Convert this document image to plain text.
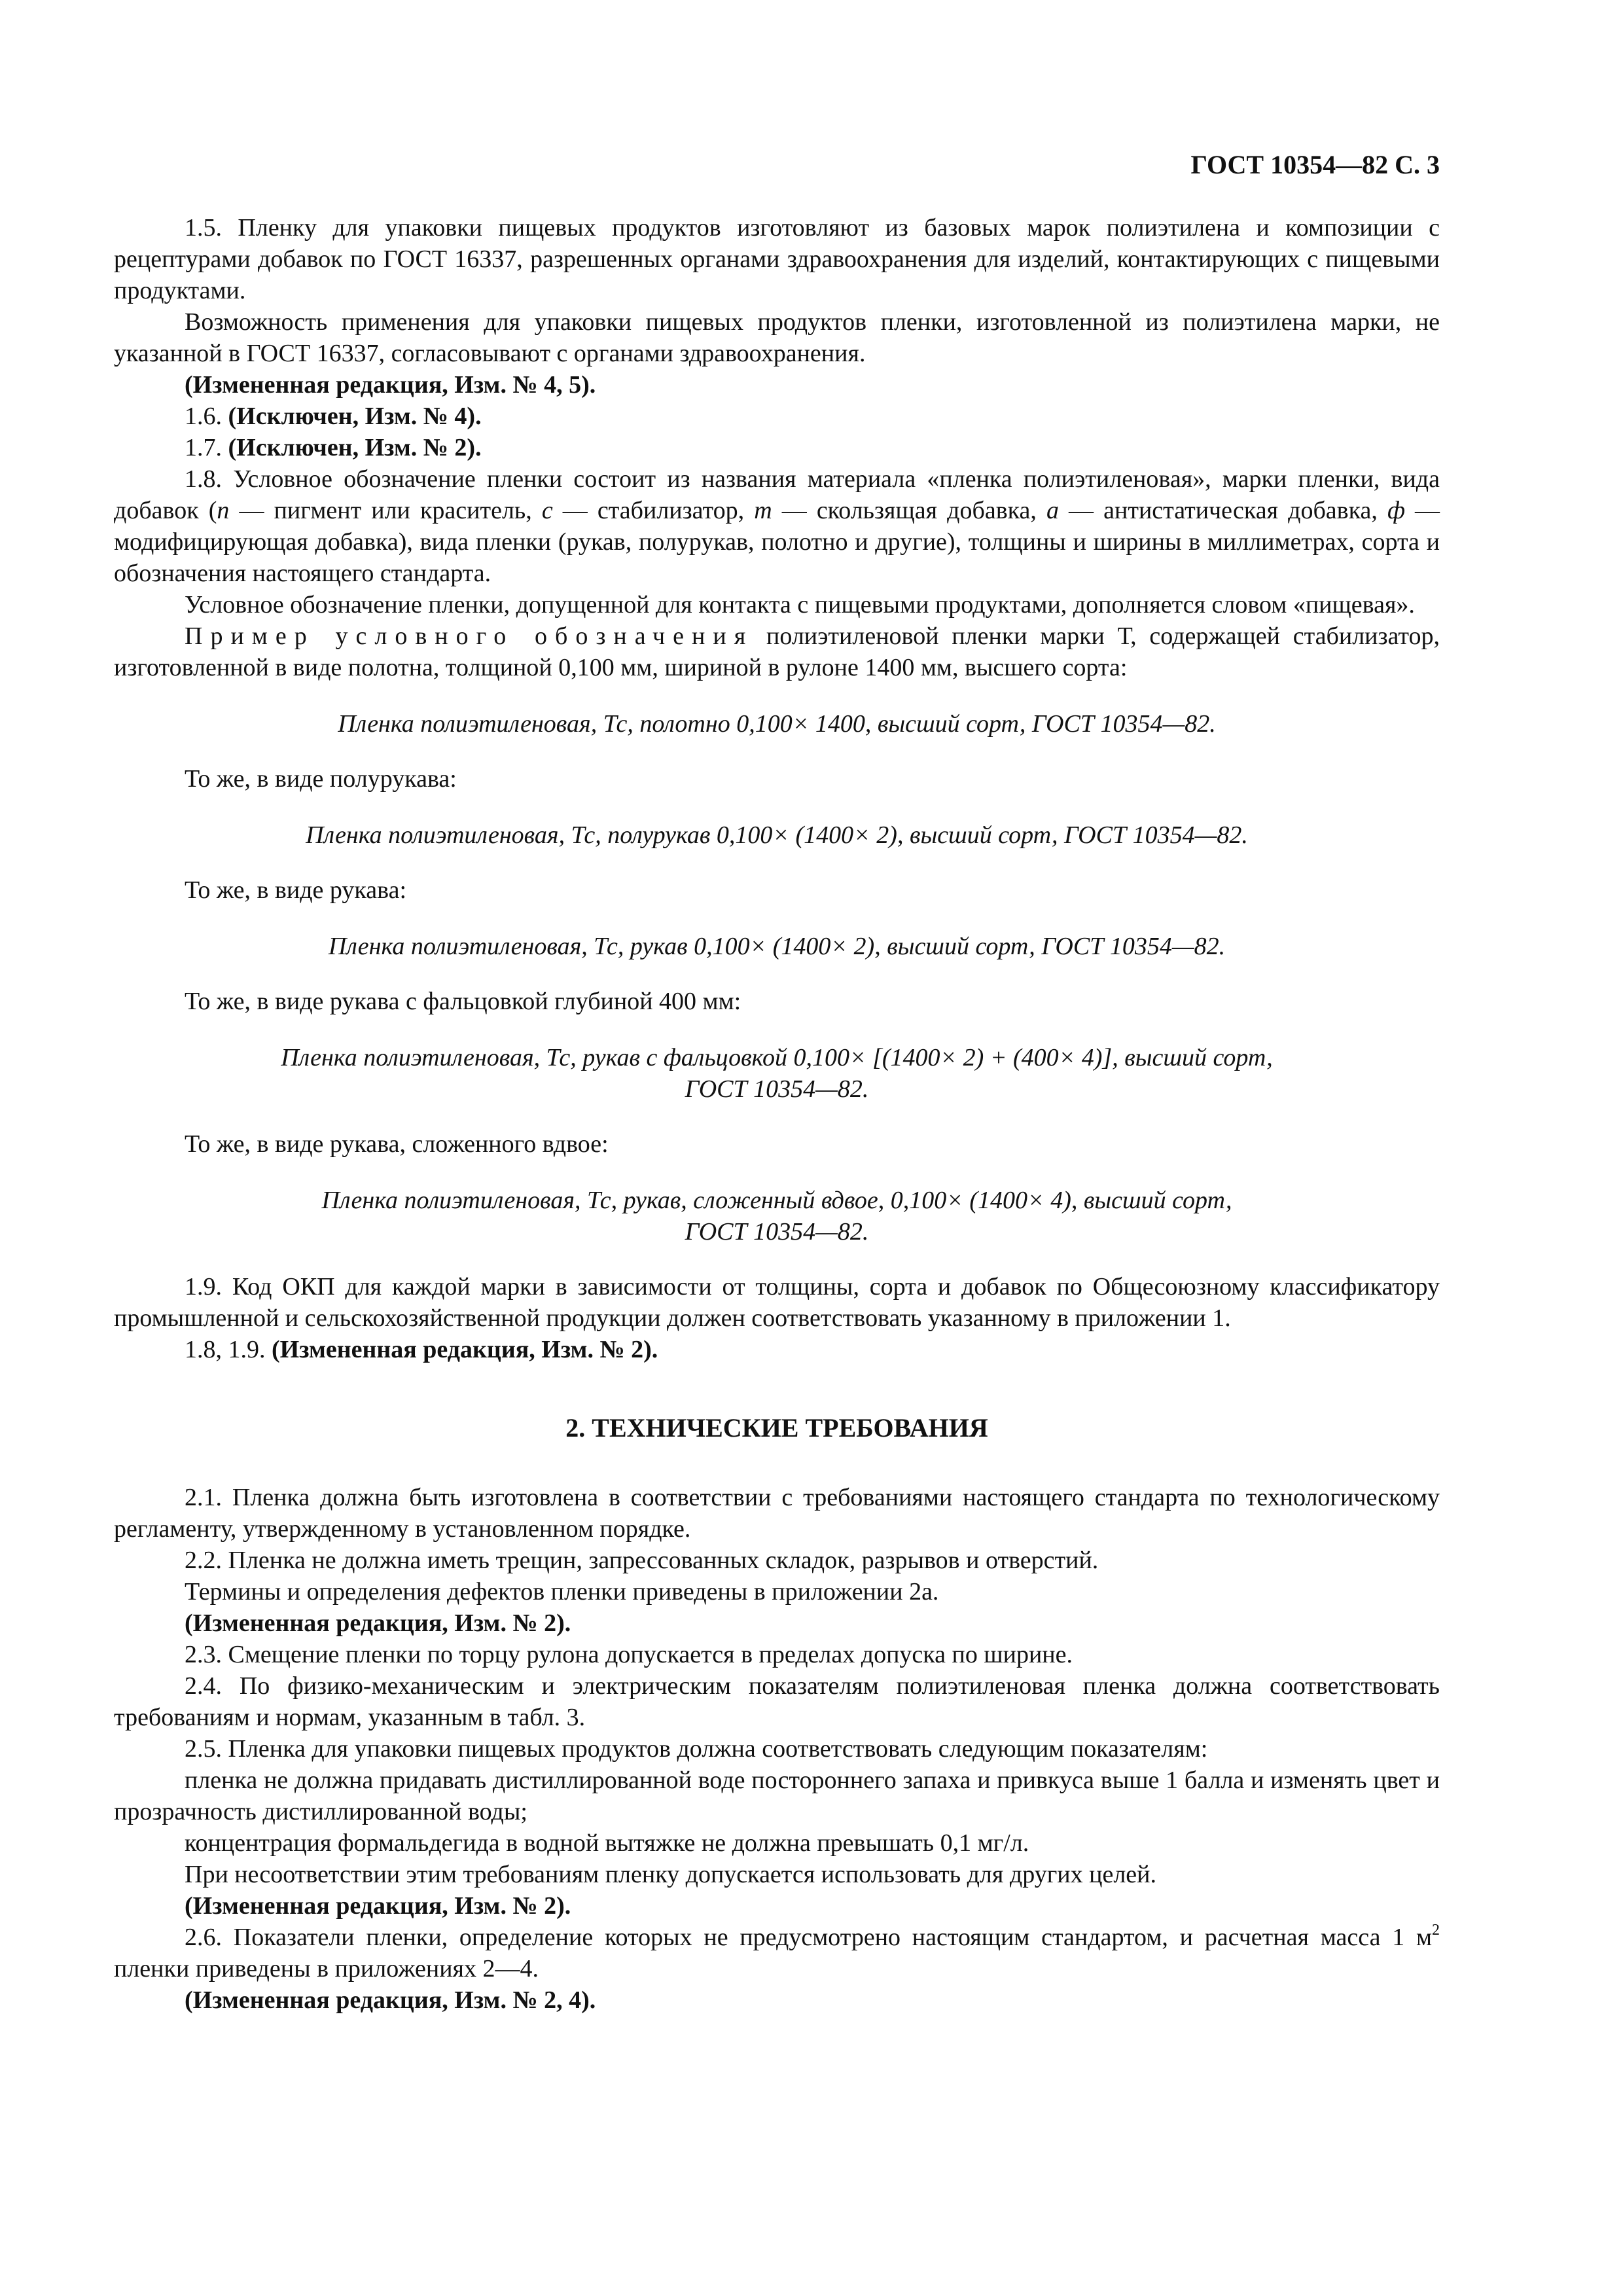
ГОСТ 10354—82 С. 3

1.5. Пленку для упаковки пищевых продуктов изготовляют из базовых марок полиэтилена и композиции с рецептурами добавок по ГОСТ 16337, разрешенных органами здравоохранения для изделий, контактирующих с пищевыми продуктами.

Возможность применения для упаковки пищевых продуктов пленки, изготовленной из полиэтилена марки, не указанной в ГОСТ 16337, согласовывают с органами здравоохранения.

(Измененная редакция, Изм. № 4, 5).

1.6. (Исключен, Изм. № 4).

1.7. (Исключен, Изм. № 2).

1.8. Условное обозначение пленки состоит из названия материала «пленка полиэтиленовая», марки пленки, вида добавок (п — пигмент или краситель, с — стабилизатор, т — скользящая добавка, а — антистатическая добавка, ф — модифицирующая добавка), вида пленки (рукав, полурукав, полотно и другие), толщины и ширины в миллиметрах, сорта и обозначения настоящего стандарта.

Условное обозначение пленки, допущенной для контакта с пищевыми продуктами, дополняется словом «пищевая».

Пример условного обозначения полиэтиленовой пленки марки Т, содержащей стабилизатор, изготовленной в виде полотна, толщиной 0,100 мм, шириной в рулоне 1400 мм, высшего сорта:

Пленка полиэтиленовая, Тс, полотно 0,100× 1400, высший сорт, ГОСТ 10354—82.

То же, в виде полурукава:

Пленка полиэтиленовая, Тс, полурукав 0,100× (1400× 2), высший сорт, ГОСТ 10354—82.

То же, в виде рукава:

Пленка полиэтиленовая, Тс, рукав 0,100× (1400× 2), высший сорт, ГОСТ 10354—82.

То же, в виде рукава с фальцовкой глубиной 400 мм:

Пленка полиэтиленовая, Тс, рукав с фальцовкой 0,100× [(1400× 2) + (400× 4)], высший сорт,
ГОСТ 10354—82.

То же, в виде рукава, сложенного вдвое:

Пленка полиэтиленовая, Тс, рукав, сложенный вдвое, 0,100× (1400× 4), высший сорт,
ГОСТ 10354—82.

1.9. Код ОКП для каждой марки в зависимости от толщины, сорта и добавок по Общесоюзному классификатору промышленной и сельскохозяйственной продукции должен соответствовать указанному в приложении 1.

1.8, 1.9. (Измененная редакция, Изм. № 2).

2. ТЕХНИЧЕСКИЕ ТРЕБОВАНИЯ

2.1. Пленка должна быть изготовлена в соответствии с требованиями настоящего стандарта по технологическому регламенту, утвержденному в установленном порядке.

2.2. Пленка не должна иметь трещин, запрессованных складок, разрывов и отверстий.

Термины и определения дефектов пленки приведены в приложении 2а.

(Измененная редакция, Изм. № 2).

2.3. Смещение пленки по торцу рулона допускается в пределах допуска по ширине.

2.4. По физико-механическим и электрическим показателям полиэтиленовая пленка должна соответствовать требованиям и нормам, указанным в табл. 3.

2.5. Пленка для упаковки пищевых продуктов должна соответствовать следующим показателям:

пленка не должна придавать дистиллированной воде постороннего запаха и привкуса выше 1 балла и изменять цвет и прозрачность дистиллированной воды;

концентрация формальдегида в водной вытяжке не должна превышать 0,1 мг/л.

При несоответствии этим требованиям пленку допускается использовать для других целей.

(Измененная редакция, Изм. № 2).

2.6. Показатели пленки, определение которых не предусмотрено настоящим стандартом, и расчетная масса 1 $м^2$ пленки приведены в приложениях 2—4.

(Измененная редакция, Изм. № 2, 4).
